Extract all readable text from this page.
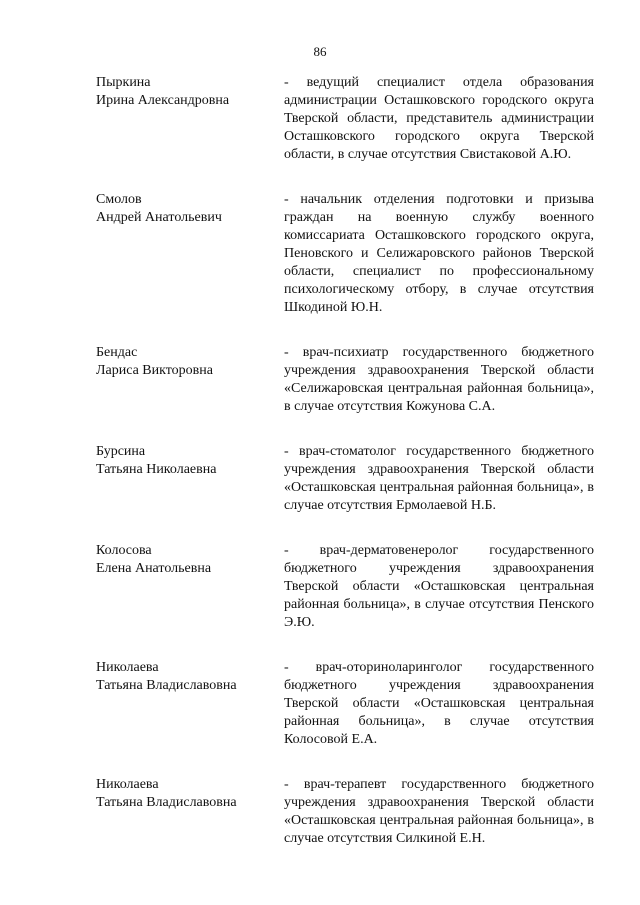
86
Пыркина
Ирина Александровна
- ведущий специалист отдела образования администрации Осташковского городского округа Тверской области, представитель администрации Осташковского городского округа Тверской области, в случае отсутствия Свистаковой А.Ю.
Смолов
Андрей Анатольевич
- начальник отделения подготовки и призыва граждан на военную службу военного комиссариата Осташковского городского округа, Пеновского и Селижаровского районов Тверской области, специалист по профессиональному психологическому отбору, в случае отсутствия Шкодиной Ю.Н.
Бендас
Лариса Викторовна
- врач-психиатр государственного бюджетного учреждения здравоохранения Тверской области «Селижаровская центральная районная больница», в случае отсутствия Кожунова С.А.
Бурсина
Татьяна Николаевна
- врач-стоматолог государственного бюджетного учреждения здравоохранения Тверской области «Осташковская центральная районная больница», в случае отсутствия Ермолаевой Н.Б.
Колосова
Елена Анатольевна
- врач-дерматовенеролог государственного бюджетного учреждения здравоохранения Тверской области «Осташковская центральная районная больница», в случае отсутствия Пенского Э.Ю.
Николаева
Татьяна Владиславовна
- врач-оториноларинголог государственного бюджетного учреждения здравоохранения Тверской области «Осташковская центральная районная больница», в случае отсутствия Колосовой Е.А.
Николаева
Татьяна Владиславовна
- врач-терапевт государственного бюджетного учреждения здравоохранения Тверской области «Осташковская центральная районная больница», в случае отсутствия Силкиной Е.Н.
